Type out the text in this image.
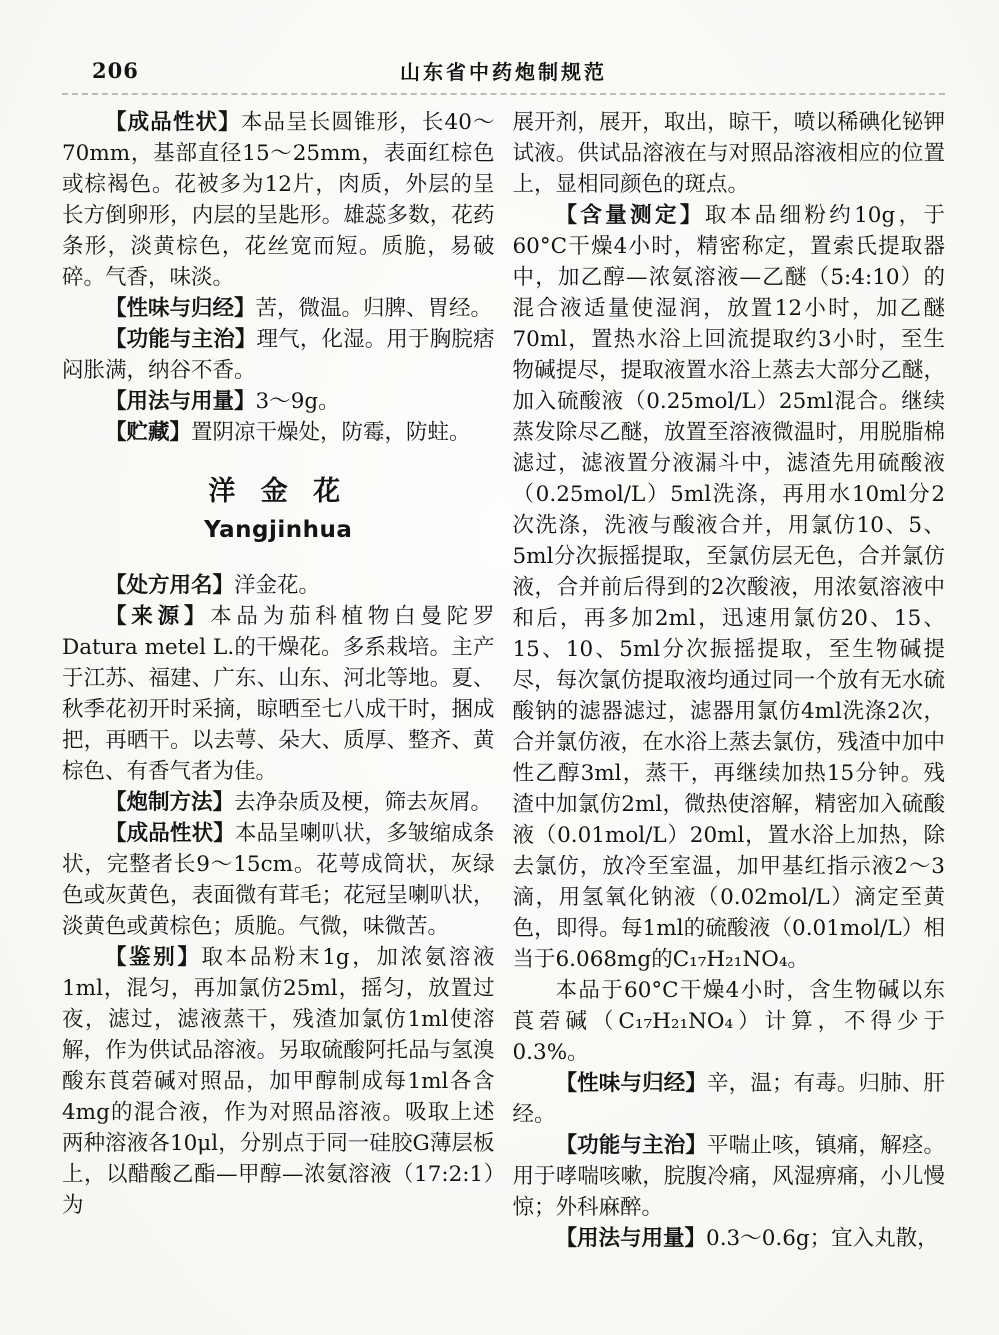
206	山东省中药炮制规范

【成品性状】本品呈长圆锥形，长40～70mm，基部直径15～25mm，表面红棕色或棕褐色。花被多为12片，肉质，外层的呈长方倒卵形，内层的呈匙形。雄蕊多数，花药条形，淡黄棕色，花丝宽而短。质脆，易破碎。气香，味淡。

【性味与归经】苦，微温。归脾、胃经。

【功能与主治】理气，化湿。用于胸脘痞闷胀满，纳谷不香。

【用法与用量】3～9g。

【贮藏】置阴凉干燥处，防霉，防蛀。

洋 金 花
Yangjinhua

【处方用名】洋金花。

【来源】本品为茄科植物白曼陀罗Datura metel L.的干燥花。多系栽培。主产于江苏、福建、广东、山东、河北等地。夏、秋季花初开时采摘，晾晒至七八成干时，捆成把，再晒干。以去萼、朵大、质厚、整齐、黄棕色、有香气者为佳。

【炮制方法】去净杂质及梗，筛去灰屑。

【成品性状】本品呈喇叭状，多皱缩成条状，完整者长9～15cm。花萼成筒状，灰绿色或灰黄色，表面微有茸毛；花冠呈喇叭状，淡黄色或黄棕色；质脆。气微，味微苦。

【鉴别】取本品粉末1g，加浓氨溶液1ml，混匀，再加氯仿25ml，摇匀，放置过夜，滤过，滤液蒸干，残渣加氯仿1ml使溶解，作为供试品溶液。另取硫酸阿托品与氢溴酸东莨菪碱对照品，加甲醇制成每1ml各含4mg的混合液，作为对照品溶液。吸取上述两种溶液各10μl，分别点于同一硅胶G薄层板上，以醋酸乙酯—甲醇—浓氨溶液（17:2:1）为

展开剂，展开，取出，晾干，喷以稀碘化铋钾试液。供试品溶液在与对照品溶液相应的位置上，显相同颜色的斑点。

【含量测定】取本品细粉约10g，于60°C干燥4小时，精密称定，置索氏提取器中，加乙醇—浓氨溶液—乙醚（5:4:10）的混合液适量使湿润，放置12小时，加乙醚70ml，置热水浴上回流提取约3小时，至生物碱提尽，提取液置水浴上蒸去大部分乙醚，加入硫酸液（0.25mol/L）25ml混合。继续蒸发除尽乙醚，放置至溶液微温时，用脱脂棉滤过，滤液置分液漏斗中，滤渣先用硫酸液（0.25mol/L）5ml洗涤，再用水10ml分2次洗涤，洗液与酸液合并，用氯仿10、5、5ml分次振摇提取，至氯仿层无色，合并氯仿液，合并前后得到的2次酸液，用浓氨溶液中和后，再多加2ml，迅速用氯仿20、15、15、10、5ml分次振摇提取，至生物碱提尽，每次氯仿提取液均通过同一个放有无水硫酸钠的滤器滤过，滤器用氯仿4ml洗涤2次，合并氯仿液，在水浴上蒸去氯仿，残渣中加中性乙醇3ml，蒸干，再继续加热15分钟。残渣中加氯仿2ml，微热使溶解，精密加入硫酸液（0.01mol/L）20ml，置水浴上加热，除去氯仿，放冷至室温，加甲基红指示液2～3滴，用氢氧化钠液（0.02mol/L）滴定至黄色，即得。每1ml的硫酸液（0.01mol/L）相当于6.068mg的C₁₇H₂₁NO₄。

本品于60°C干燥4小时，含生物碱以东莨菪碱（C₁₇H₂₁NO₄）计算，不得少于0.3%。

【性味与归经】辛，温；有毒。归肺、肝经。

【功能与主治】平喘止咳，镇痛，解痉。用于哮喘咳嗽，脘腹冷痛，风湿痹痛，小儿慢惊；外科麻醉。

【用法与用量】0.3～0.6g；宜入丸散，
